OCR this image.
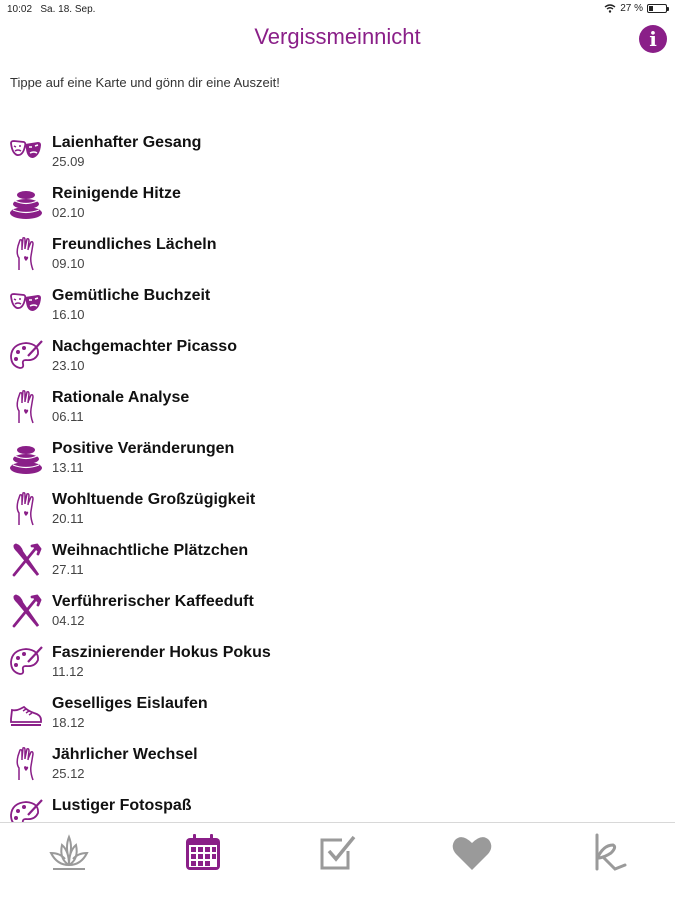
10:02 Sa. 18. Sep.	27 %
Vergissmeinnicht	i
Tippe auf eine Karte und gönn dir eine Auszeit!
Laienhafter Gesang
25.09
Reinigende Hitze
02.10
Freundliches Lächeln
09.10
Gemütliche Buchzeit
16.10
Nachgemachter Picasso
23.10
Rationale Analyse
06.11
Positive Veränderungen
13.11
Wohltuende Großzügigkeit
20.11
Weihnachtliche Plätzchen
27.11
Verführerischer Kaffeeduft
04.12
Faszinierender Hokus Pokus
11.12
Geselliges Eislaufen
18.12
Jährlicher Wechsel
25.12
Lustiger Fotospaß
